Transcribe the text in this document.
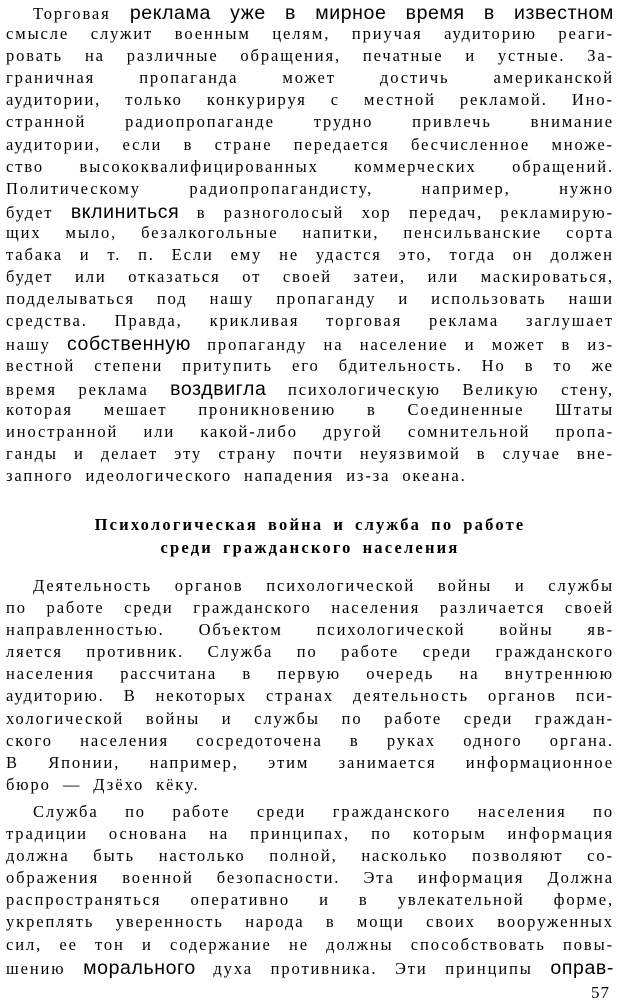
Торговая реклама уже в мирное время в известном
смысле служит военным целям, приучая аудиторию реаги-
ровать на различные обращения, печатные и устные. За-
граничная	пропаганда	может	достичь	американской
аудитории, только конкурируя с местной рекламой. Ино-
странной радиопропаганде трудно привлечь внимание
аудитории, если в стране передается бесчисленное множе-
ство высококвалифицированных коммерческих обращений.
Политическому	радиопропагандисту,	например,	нужно
будет вклиниться в разноголосый хор передач, рекламирую-
щих мыло, безалкогольные напитки, пенсильванские сорта
табака и т. п. Если ему не удастся это, тогда он должен
будет или отказаться от своей затеи, или маскироваться,
подделываться под нашу пропаганду и использовать наши
средства. Правда, крикливая торговая реклама заглушает
нашу собственную пропаганду на население и может в из-
вестной степени притупить его бдительность. Но в то же
время реклама воздвигла психологическую Великую стену,
которая мешает проникновению в Соединенные Штаты
иностранной или какой-либо другой сомнительной пропа-
ганды и делает эту страну почти неуязвимой в случае вне-
запного идеологического нападения из-за океана.
Психологическая война и служба по работе
среди гражданского населения
Деятельность органов психологической войны и службы
по работе среди гражданского населения различается своей
направленностью. Объектом психологической войны яв-
ляется противник. Служба по работе среди гражданского
населения рассчитана в первую очередь на внутреннюю
аудиторию. В некоторых странах деятельность органов пси-
хологической войны и службы по работе среди граждан-
ского населения сосредоточена в руках одного органа.
В Японии, например, этим занимается информационное
бюро — Дзёхо кёку.
Служба по работе среди гражданского населения по
традиции основана на принципах, по которым информация
должна быть настолько полной, насколько позволяют со-
ображения военной безопасности. Эта информация Должна
распространяться оперативно и в увлекательной форме,
укреплять уверенность народа в мощи своих вооруженных
сил, ее тон и содержание не должны способствовать повы-
шению морального духа противника. Эти принципы оправ-
57
